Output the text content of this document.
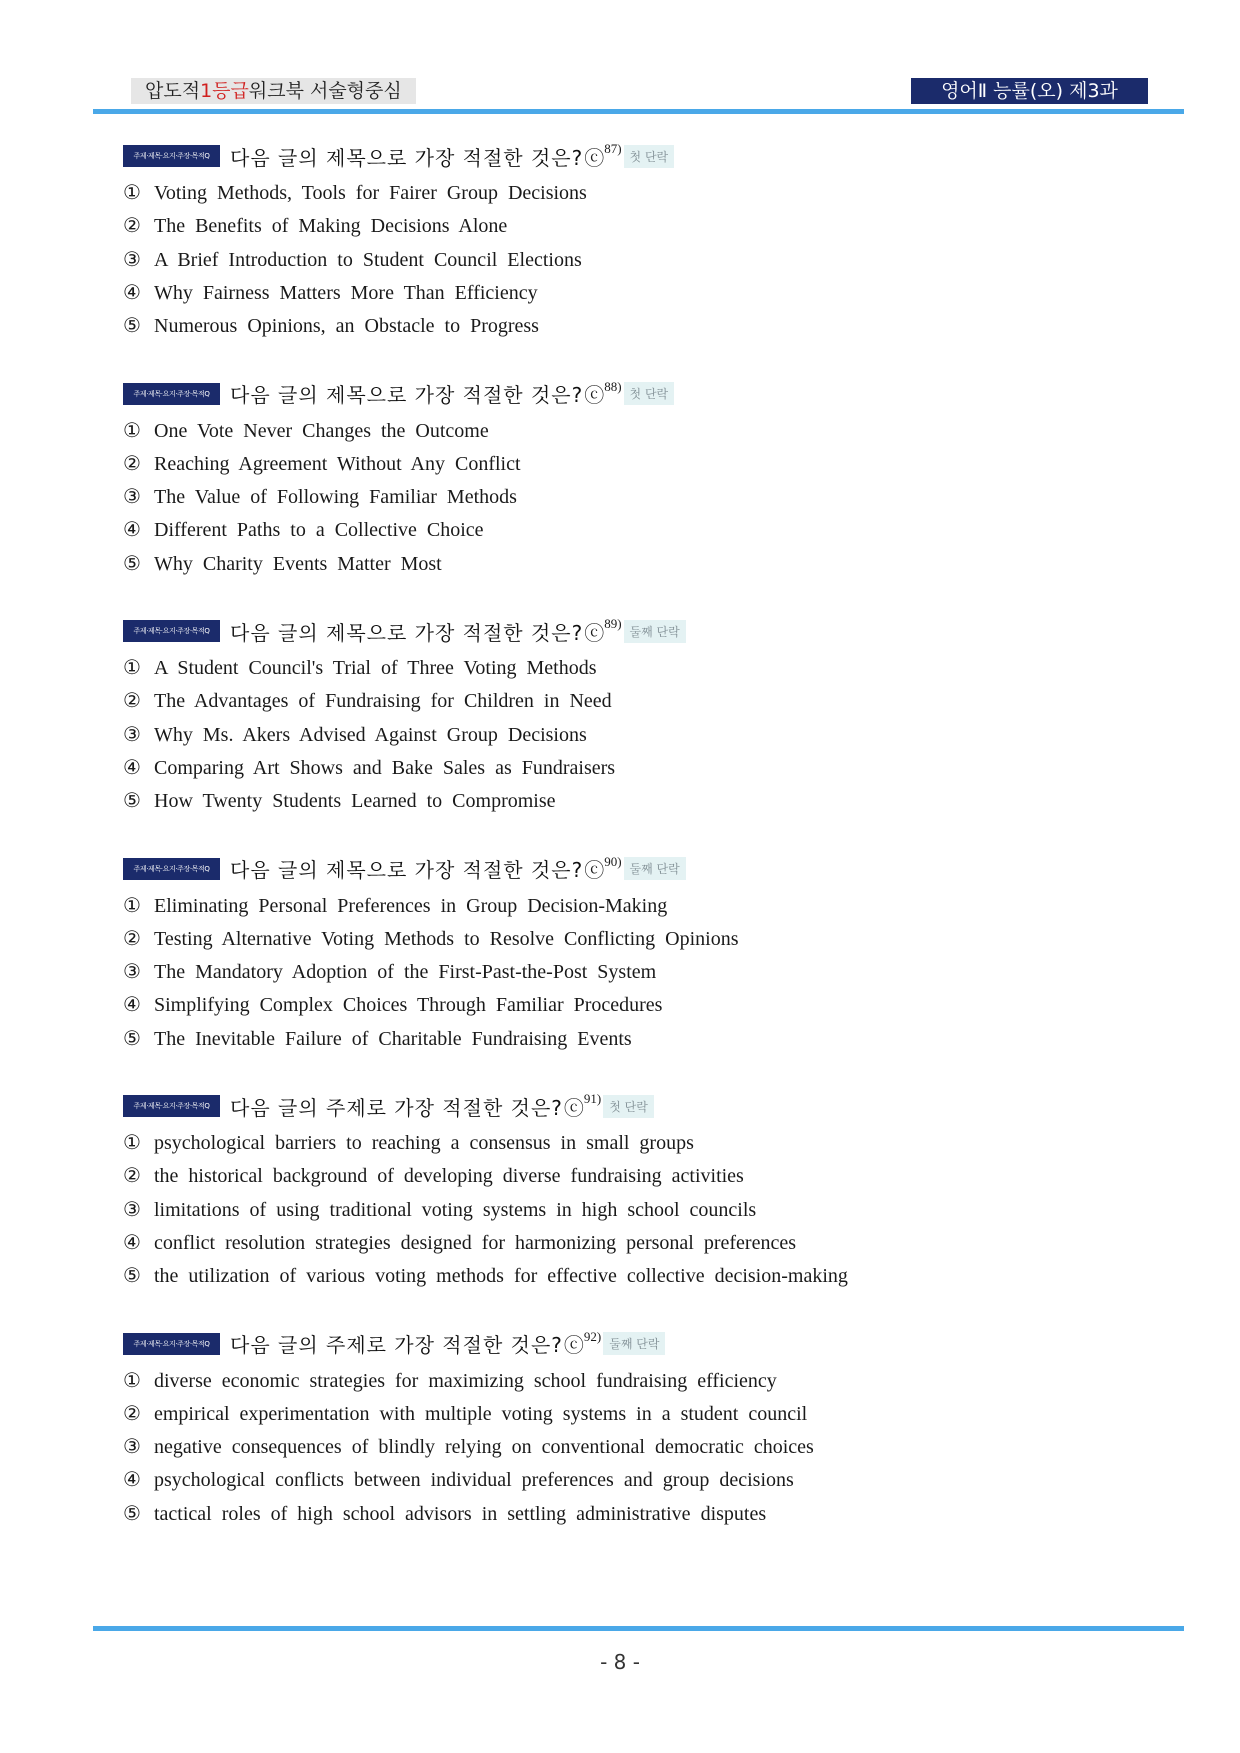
압도적1등급워크북 서술형중심	영어Ⅱ 능률(오) 제3과
주제·제목·요지·주장·목적Q	다음 글의 제목으로 가장 적절한 것은? ⓒ 87)
첫 단락
① Voting Methods, Tools for Fairer Group Decisions
② The Benefits of Making Decisions Alone
③ A Brief Introduction to Student Council Elections
④ Why Fairness Matters More Than Efficiency
⑤ Numerous Opinions, an Obstacle to Progress
주제·제목·요지·주장·목적Q	다음 글의 제목으로 가장 적절한 것은? ⓒ 88)
첫 단락
① One Vote Never Changes the Outcome
② Reaching Agreement Without Any Conflict
③ The Value of Following Familiar Methods
④ Different Paths to a Collective Choice
⑤ Why Charity Events Matter Most
주제·제목·요지·주장·목적Q	다음 글의 제목으로 가장 적절한 것은? ⓒ 89)
둘째 단락
① A Student Council's Trial of Three Voting Methods
② The Advantages of Fundraising for Children in Need
③ Why Ms. Akers Advised Against Group Decisions
④ Comparing Art Shows and Bake Sales as Fundraisers
⑤ How Twenty Students Learned to Compromise
주제·제목·요지·주장·목적Q	다음 글의 제목으로 가장 적절한 것은? ⓒ 90)
둘째 단락
① Eliminating Personal Preferences in Group Decision-Making
② Testing Alternative Voting Methods to Resolve Conflicting Opinions
③ The Mandatory Adoption of the First-Past-the-Post System
④ Simplifying Complex Choices Through Familiar Procedures
⑤ The Inevitable Failure of Charitable Fundraising Events
주제·제목·요지·주장·목적Q	다음 글의 주제로 가장 적절한 것은? ⓒ 91)
첫 단락
① psychological barriers to reaching a consensus in small groups
② the historical background of developing diverse fundraising activities
③ limitations of using traditional voting systems in high school councils
④ conflict resolution strategies designed for harmonizing personal preferences
⑤ the utilization of various voting methods for effective collective decision-making
주제·제목·요지·주장·목적Q	다음 글의 주제로 가장 적절한 것은? ⓒ 92)
둘째 단락
① diverse economic strategies for maximizing school fundraising efficiency
② empirical experimentation with multiple voting systems in a student council
③ negative consequences of blindly relying on conventional democratic choices
④ psychological conflicts between individual preferences and group decisions
⑤ tactical roles of high school advisors in settling administrative disputes
- 8 -
